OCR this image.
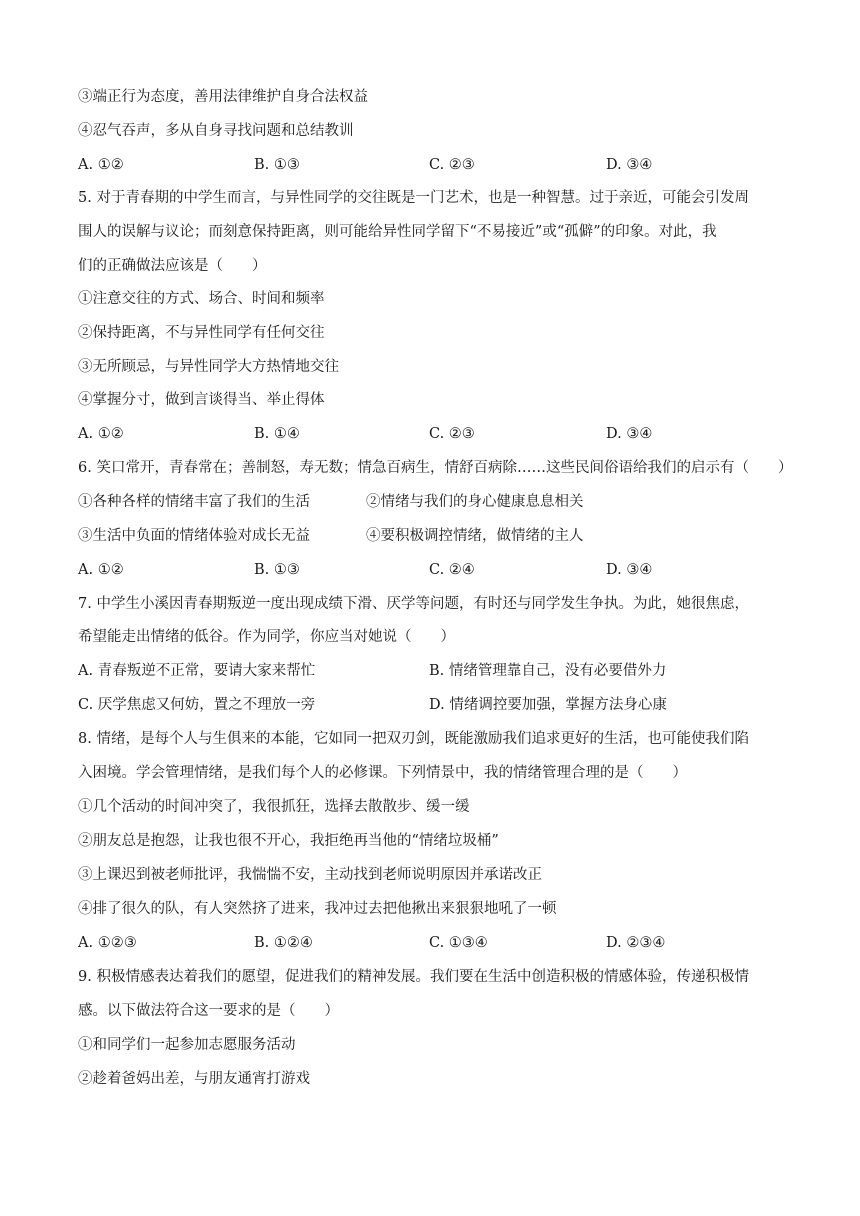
③端正行为态度，善用法律维护自身合法权益
④忍气吞声，多从自身寻找问题和总结教训
A. ①②	B. ①③	C. ②③	D. ③④
5. 对于青春期的中学生而言，与异性同学的交往既是一门艺术，也是一种智慧。过于亲近，可能会引发周
围人的误解与议论；而刻意保持距离，则可能给异性同学留下“不易接近”或“孤僻”的印象。对此，我
们的正确做法应该是（　　）
①注意交往的方式、场合、时间和频率
②保持距离，不与异性同学有任何交往
③无所顾忌，与异性同学大方热情地交往
④掌握分寸，做到言谈得当、举止得体
A. ①②	B. ①④	C. ②③	D. ③④
6. 笑口常开，青春常在；善制怒，寿无数；情急百病生，情舒百病除……这些民间俗语给我们的启示有（　　）
①各种各样的情绪丰富了我们的生活	②情绪与我们的身心健康息息相关
③生活中负面的情绪体验对成长无益	④要积极调控情绪，做情绪的主人
A. ①②	B. ①③	C. ②④	D. ③④
7. 中学生小溪因青春期叛逆一度出现成绩下滑、厌学等问题，有时还与同学发生争执。为此，她很焦虑，
希望能走出情绪的低谷。作为同学，你应当对她说（　　）
A. 青春叛逆不正常，要请大家来帮忙	B. 情绪管理靠自己，没有必要借外力
C. 厌学焦虑又何妨，置之不理放一旁	D. 情绪调控要加强，掌握方法身心康
8. 情绪，是每个人与生俱来的本能，它如同一把双刃剑，既能激励我们追求更好的生活，也可能使我们陷
入困境。学会管理情绪，是我们每个人的必修课。下列情景中，我的情绪管理合理的是（　　）
①几个活动的时间冲突了，我很抓狂，选择去散散步、缓一缓
②朋友总是抱怨，让我也很不开心，我拒绝再当他的“情绪垃圾桶”
③上课迟到被老师批评，我惴惴不安，主动找到老师说明原因并承诺改正
④排了很久的队，有人突然挤了进来，我冲过去把他揪出来狠狠地吼了一顿
A. ①②③	B. ①②④	C. ①③④	D. ②③④
9. 积极情感表达着我们的愿望，促进我们的精神发展。我们要在生活中创造积极的情感体验，传递积极情
感。以下做法符合这一要求的是（　　）
①和同学们一起参加志愿服务活动
②趁着爸妈出差，与朋友通宵打游戏
